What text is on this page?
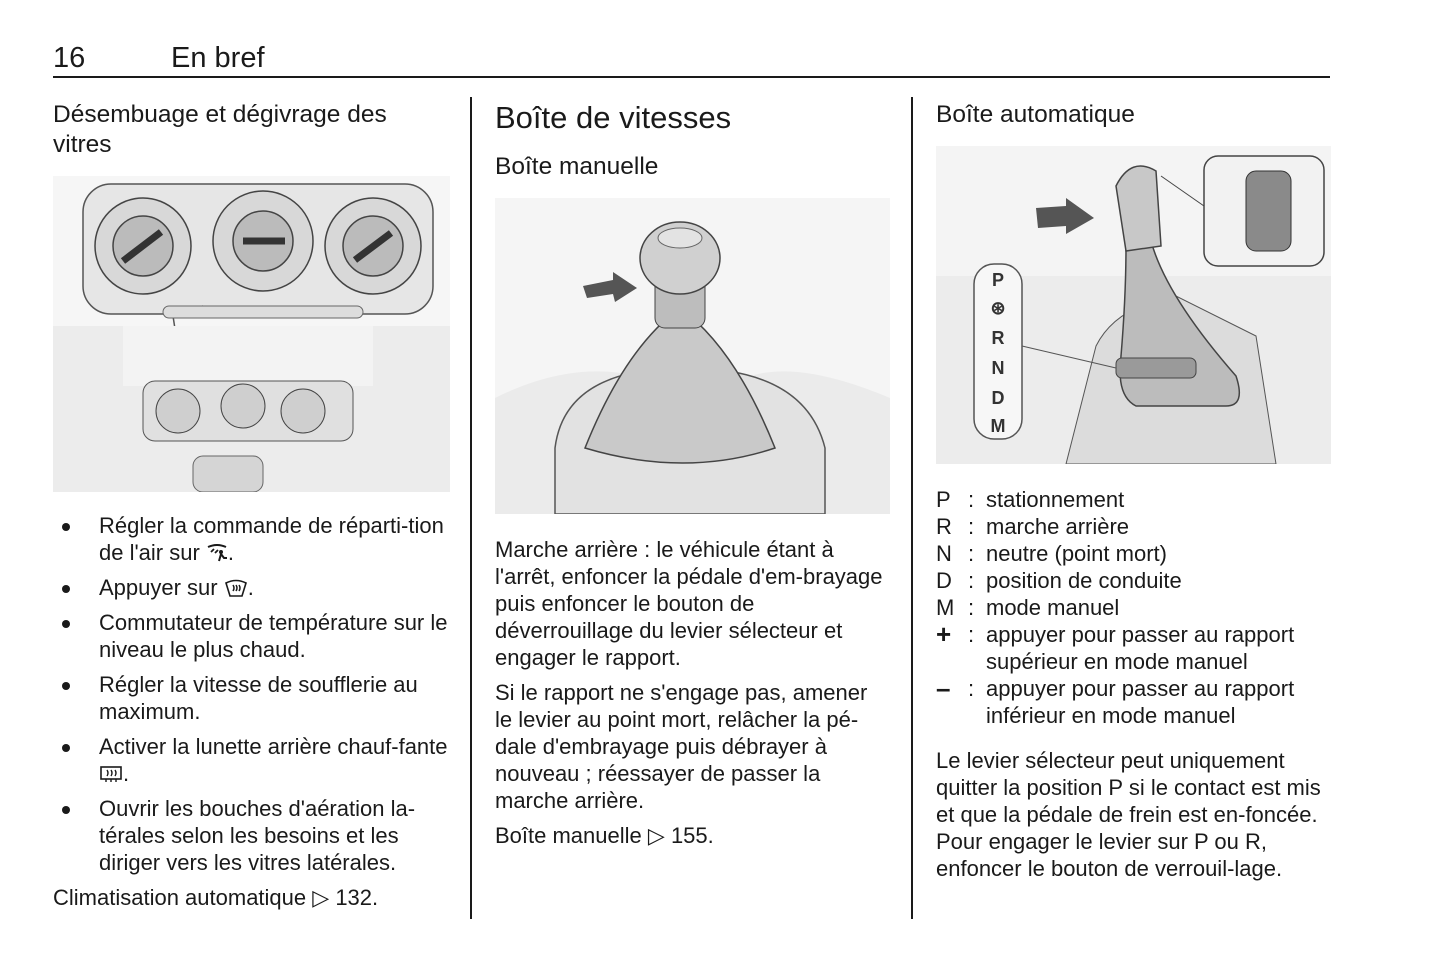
16	En bref
Désembuage et dégivrage des vitres
Régler la commande de réparti-tion de l'air sur .
Appuyer sur .
Commutateur de température sur le niveau le plus chaud.
Régler la vitesse de soufflerie au maximum.
Activer la lunette arrière chauf-fante .
Ouvrir les bouches d'aération la-térales selon les besoins et les diriger vers les vitres latérales.
Climatisation automatique ▷ 132.
Boîte de vitesses
Boîte manuelle

Marche arrière : le véhicule étant à l'arrêt, enfoncer la pédale d'em-brayage puis enfoncer le bouton de déverrouillage du levier sélecteur et engager le rapport.

Si le rapport ne s'engage pas, amener le levier au point mort, relâcher la pé-dale d'embrayage puis débrayer à nouveau ; réessayer de passer la marche arrière.

Boîte manuelle ▷ 155.
Boîte automatique
P
⊛
R
N
D
M
P : stationnement
R : marche arrière
N : neutre (point mort)
D : position de conduite
M : mode manuel
+ : appuyer pour passer au rapport supérieur en mode manuel
– : appuyer pour passer au rapport inférieur en mode manuel

Le levier sélecteur peut uniquement quitter la position P si le contact est mis et que la pédale de frein est en-foncée. Pour engager le levier sur P ou R, enfoncer le bouton de verrouil-lage.
